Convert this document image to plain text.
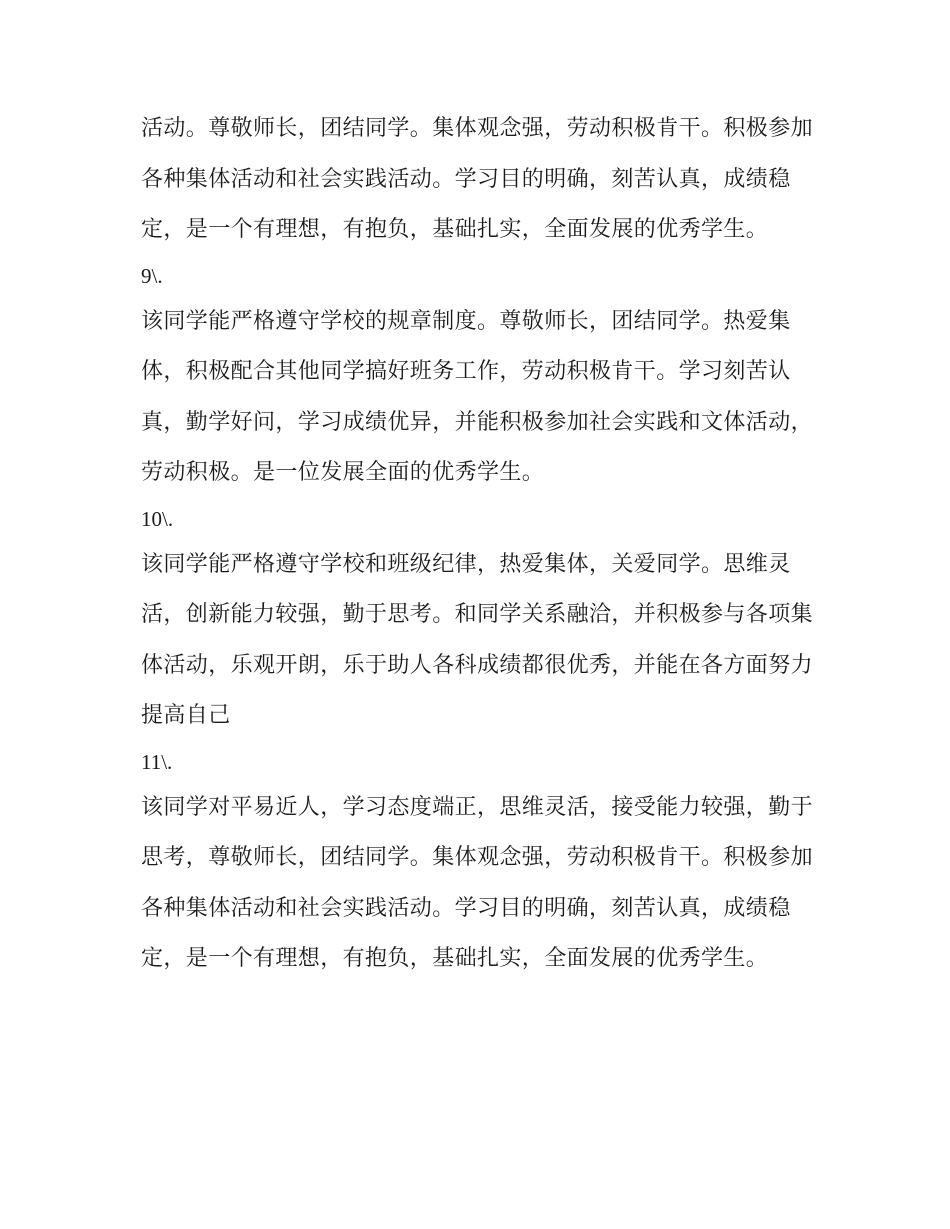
活动。尊敬师长，团结同学。集体观念强，劳动积极肯干。积极参加各种集体活动和社会实践活动。学习目的明确，刻苦认真，成绩稳定，是一个有理想，有抱负，基础扎实，全面发展的优秀学生。

9\.

该同学能严格遵守学校的规章制度。尊敬师长，团结同学。热爱集体，积极配合其他同学搞好班务工作，劳动积极肯干。学习刻苦认真，勤学好问，学习成绩优异，并能积极参加社会实践和文体活动，劳动积极。是一位发展全面的优秀学生。

10\.

该同学能严格遵守学校和班级纪律，热爱集体，关爱同学。思维灵活，创新能力较强，勤于思考。和同学关系融洽，并积极参与各项集体活动，乐观开朗，乐于助人各科成绩都很优秀，并能在各方面努力提高自己

11\.

该同学对平易近人，学习态度端正，思维灵活，接受能力较强，勤于思考，尊敬师长，团结同学。集体观念强，劳动积极肯干。积极参加各种集体活动和社会实践活动。学习目的明确，刻苦认真，成绩稳定，是一个有理想，有抱负，基础扎实，全面发展的优秀学生。
